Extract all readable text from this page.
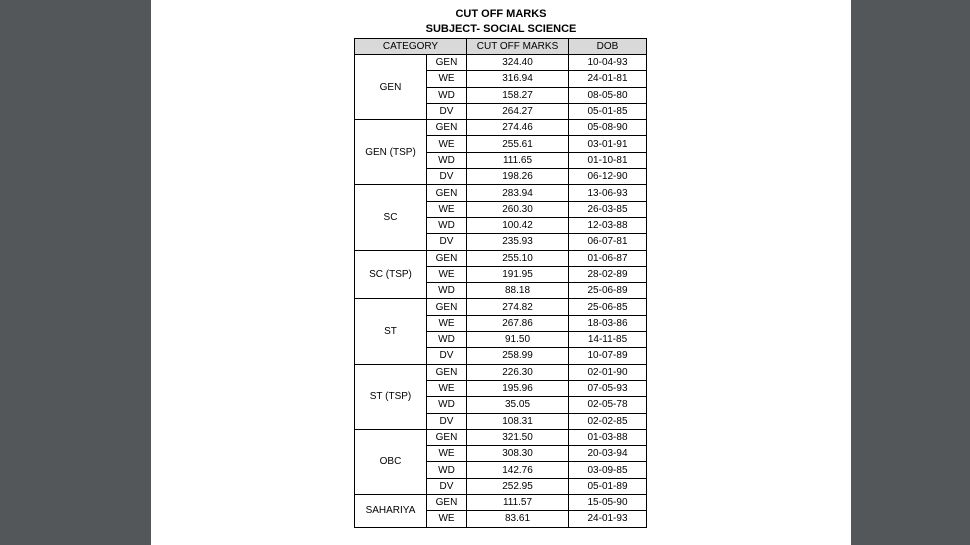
CUT OFF MARKS
SUBJECT- SOCIAL SCIENCE
CATEGORY		CUT OFF MARKS	DOB
GEN	GEN	324.40	10-04-93
	WE	316.94	24-01-81
	WD	158.27	08-05-80
	DV	264.27	05-01-85
GEN (TSP)	GEN	274.46	05-08-90
	WE	255.61	03-01-91
	WD	111.65	01-10-81
	DV	198.26	06-12-90
SC	GEN	283.94	13-06-93
	WE	260.30	26-03-85
	WD	100.42	12-03-88
	DV	235.93	06-07-81
SC (TSP)	GEN	255.10	01-06-87
	WE	191.95	28-02-89
	WD	88.18	25-06-89
ST	GEN	274.82	25-06-85
	WE	267.86	18-03-86
	WD	91.50	14-11-85
	DV	258.99	10-07-89
ST (TSP)	GEN	226.30	02-01-90
	WE	195.96	07-05-93
	WD	35.05	02-05-78
	DV	108.31	02-02-85
OBC	GEN	321.50	01-03-88
	WE	308.30	20-03-94
	WD	142.76	03-09-85
	DV	252.95	05-01-89
SAHARIYA	GEN	111.57	15-05-90
	WE	83.61	24-01-93
